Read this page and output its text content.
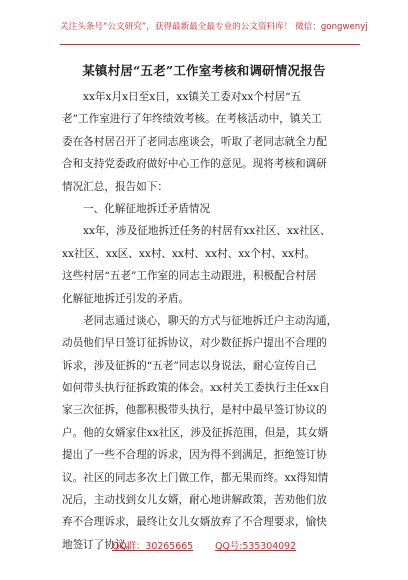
关注头条号“公文研究”，获得最新最全最专业的公文资料库！ 微信：gongwenyj
某镇村居“五老”工作室考核和调研情况报告
xx年x月x日至x日，xx镇关工委对xx个村居“五
老”工作室进行了年终绩效考核。在考核活动中，镇关工
委在各村居召开了老同志座谈会，听取了老同志就全力配
合和支持党委政府做好中心工作的意见。现将考核和调研
情况汇总，报告如下：
一、化解征地拆迁矛盾情况
xx年，涉及征地拆迁任务的村居有xx社区、xx社区、
xx社区、xx区、xx村、xx村、xx村、xx个村、xx村。
这些村居“五老”工作室的同志主动跟进，积极配合村居
化解征地拆迁引发的矛盾。
老同志通过谈心，聊天的方式与征地拆迁户主动沟通，
动员他们早日签订征拆协议，对少数征拆户提出不合理的
诉求，涉及征拆的“五老”同志以身说法，耐心宣传自己
如何带头执行征拆政策的体会。xx村关工委执行主任xx自
家三次征拆，他都积极带头执行，是村中最早签订协议的
户。他的女婿家住xx社区，涉及征拆范围，但是，其女婿
提出了一些不合理的诉求，因为得不到满足，拒绝签订协
议。社区的同志多次上门做工作，都无果而终。xx得知情
况后，主动找到女儿女婿，耐心地讲解政策，苦劝他们放
弃不合理诉求，最终让女儿女婿放弃了不合理要求，愉快
地签订了协议。
QQ群：30265665 QQ号:535304092
